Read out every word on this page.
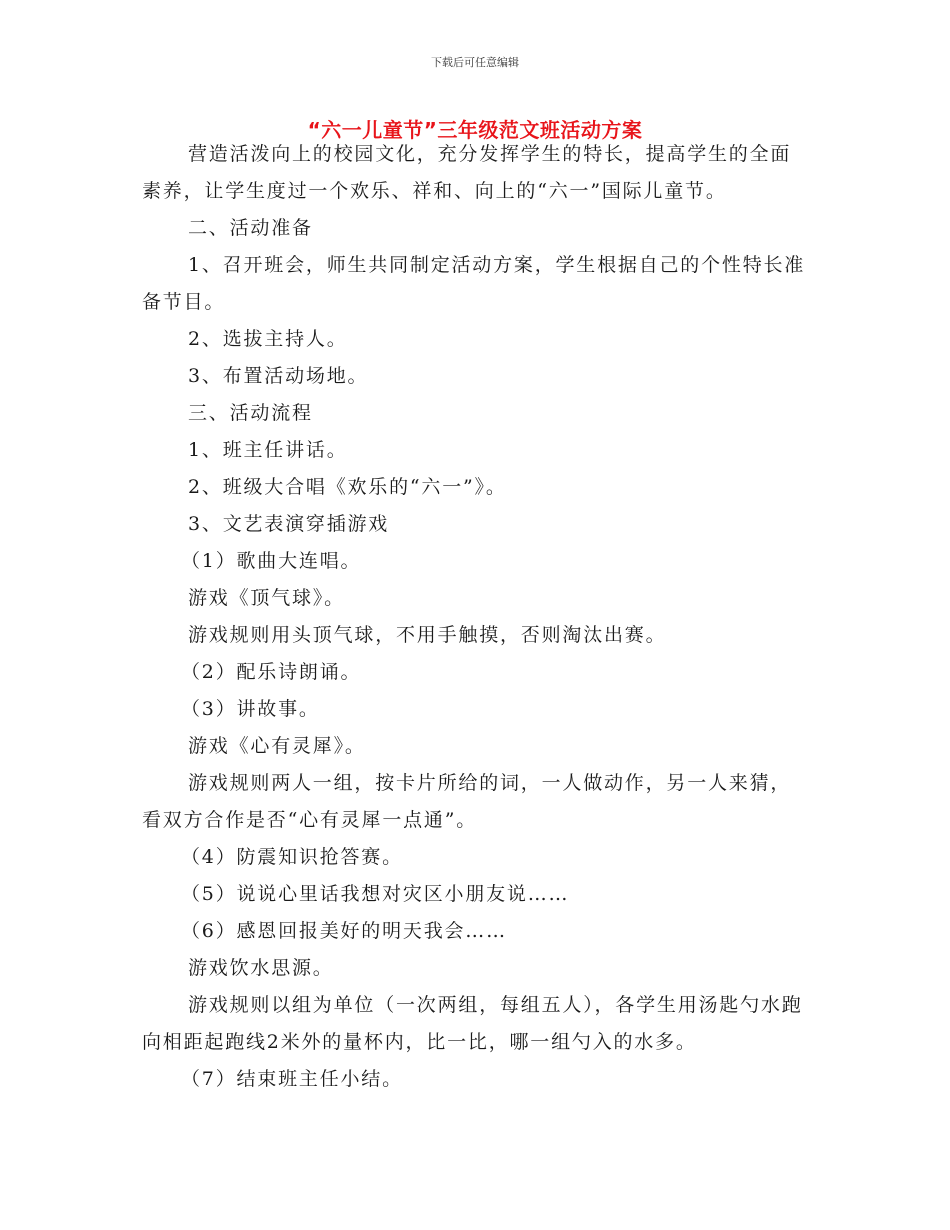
下载后可任意编辑
“六一儿童节”三年级范文班活动方案

营造活泼向上的校园文化，充分发挥学生的特长，提高学生的全面素养，让学生度过一个欢乐、祥和、向上的“六一”国际儿童节。

二、活动准备

1、召开班会，师生共同制定活动方案，学生根据自己的个性特长准备节目。

2、选拔主持人。

3、布置活动场地。

三、活动流程

1、班主任讲话。

2、班级大合唱《欢乐的“六一”》。

3、文艺表演穿插游戏

（1）歌曲大连唱。

游戏《顶气球》。

游戏规则用头顶气球，不用手触摸，否则淘汰出赛。

（2）配乐诗朗诵。

（3）讲故事。

游戏《心有灵犀》。

游戏规则两人一组，按卡片所给的词，一人做动作，另一人来猜，看双方合作是否“心有灵犀一点通”。

（4）防震知识抢答赛。

（5）说说心里话我想对灾区小朋友说……

（6）感恩回报美好的明天我会……

游戏饮水思源。

游戏规则以组为单位（一次两组，每组五人），各学生用汤匙勺水跑向相距起跑线2米外的量杯内，比一比，哪一组勺入的水多。

（7）结束班主任小结。
